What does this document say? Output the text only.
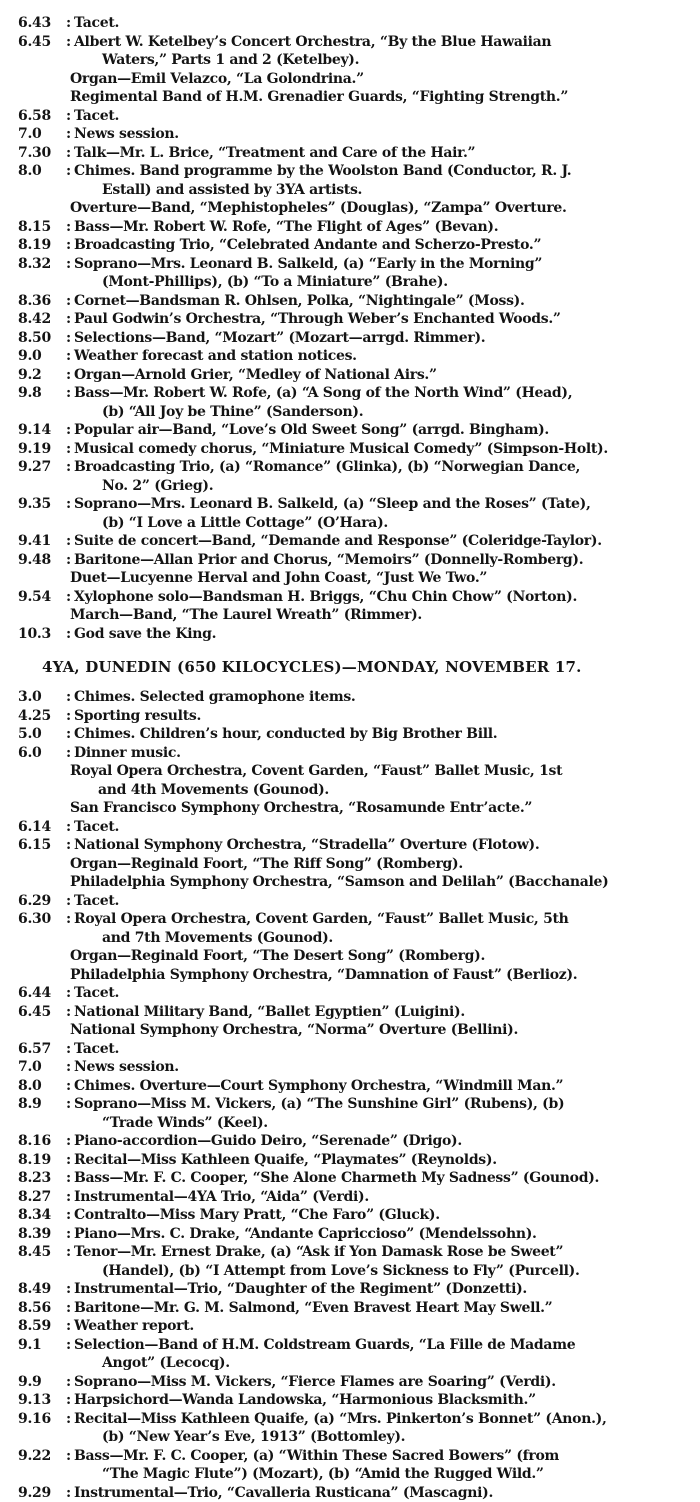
6.43	: Tacet.
6.45	: Albert W. Ketelbey’s Concert Orchestra, “By the Blue Hawaiian
Waters,” Parts 1 and 2 (Ketelbey).
Organ—Emil Velazco, “La Golondrina.”
Regimental Band of H.M. Grenadier Guards, “Fighting Strength.”
6.58	: Tacet.
7.0	: News session.
7.30	: Talk—Mr. L. Brice, “Treatment and Care of the Hair.”
8.0	: Chimes. Band programme by the Woolston Band (Conductor, R. J.
Estall) and assisted by 3YA artists.
Overture—Band, “Mephistopheles” (Douglas), “Zampa” Overture.
8.15	: Bass—Mr. Robert W. Rofe, “The Flight of Ages” (Bevan).
8.19	: Broadcasting Trio, “Celebrated Andante and Scherzo-Presto.”
8.32	: Soprano—Mrs. Leonard B. Salkeld, (a) “Early in the Morning”
(Mont-Phillips), (b) “To a Miniature” (Brahe).
8.36	: Cornet—Bandsman R. Ohlsen, Polka, “Nightingale” (Moss).
8.42	: Paul Godwin’s Orchestra, “Through Weber’s Enchanted Woods.”
8.50	: Selections—Band, “Mozart” (Mozart—arrgd. Rimmer).
9.0	: Weather forecast and station notices.
9.2	: Organ—Arnold Grier, “Medley of National Airs.”
9.8	: Bass—Mr. Robert W. Rofe, (a) “A Song of the North Wind” (Head),
(b) “All Joy be Thine” (Sanderson).
9.14	: Popular air—Band, “Love’s Old Sweet Song” (arrgd. Bingham).
9.19	: Musical comedy chorus, “Miniature Musical Comedy” (Simpson-Holt).
9.27	: Broadcasting Trio, (a) “Romance” (Glinka), (b) “Norwegian Dance,
No. 2” (Grieg).
9.35	: Soprano—Mrs. Leonard B. Salkeld, (a) “Sleep and the Roses” (Tate),
(b) “I Love a Little Cottage” (O’Hara).
9.41	: Suite de concert—Band, “Demande and Response” (Coleridge-Taylor).
9.48	: Baritone—Allan Prior and Chorus, “Memoirs” (Donnelly-Romberg).
Duet—Lucyenne Herval and John Coast, “Just We Two.”
9.54	: Xylophone solo—Bandsman H. Briggs, “Chu Chin Chow” (Norton).
March—Band, “The Laurel Wreath” (Rimmer).
10.3	: God save the King.
4YA, DUNEDIN (650 KILOCYCLES)—MONDAY, NOVEMBER 17.
3.0	: Chimes. Selected gramophone items.
4.25	: Sporting results.
5.0	: Chimes. Children’s hour, conducted by Big Brother Bill.
6.0	: Dinner music.
Royal Opera Orchestra, Covent Garden, “Faust” Ballet Music, 1st
and 4th Movements (Gounod).
San Francisco Symphony Orchestra, “Rosamunde Entr’acte.”
6.14	: Tacet.
6.15	: National Symphony Orchestra, “Stradella” Overture (Flotow).
Organ—Reginald Foort, “The Riff Song” (Romberg).
Philadelphia Symphony Orchestra, “Samson and Delilah” (Bacchanale)
6.29	: Tacet.
6.30	: Royal Opera Orchestra, Covent Garden, “Faust” Ballet Music, 5th
and 7th Movements (Gounod).
Organ—Reginald Foort, “The Desert Song” (Romberg).
Philadelphia Symphony Orchestra, “Damnation of Faust” (Berlioz).
6.44	: Tacet.
6.45	: National Military Band, “Ballet Egyptien” (Luigini).
National Symphony Orchestra, “Norma” Overture (Bellini).
6.57	: Tacet.
7.0	: News session.
8.0	: Chimes. Overture—Court Symphony Orchestra, “Windmill Man.”
8.9	: Soprano—Miss M. Vickers, (a) “The Sunshine Girl” (Rubens), (b)
“Trade Winds” (Keel).
8.16	: Piano-accordion—Guido Deiro, “Serenade” (Drigo).
8.19	: Recital—Miss Kathleen Quaife, “Playmates” (Reynolds).
8.23	: Bass—Mr. F. C. Cooper, “She Alone Charmeth My Sadness” (Gounod).
8.27	: Instrumental—4YA Trio, “Aida” (Verdi).
8.34	: Contralto—Miss Mary Pratt, “Che Faro” (Gluck).
8.39	: Piano—Mrs. C. Drake, “Andante Capriccioso” (Mendelssohn).
8.45	: Tenor—Mr. Ernest Drake, (a) “Ask if Yon Damask Rose be Sweet”
(Handel), (b) “I Attempt from Love’s Sickness to Fly” (Purcell).
8.49	: Instrumental—Trio, “Daughter of the Regiment” (Donzetti).
8.56	: Baritone—Mr. G. M. Salmond, “Even Bravest Heart May Swell.”
8.59	: Weather report.
9.1	: Selection—Band of H.M. Coldstream Guards, “La Fille de Madame
Angot” (Lecocq).
9.9	: Soprano—Miss M. Vickers, “Fierce Flames are Soaring” (Verdi).
9.13	: Harpsichord—Wanda Landowska, “Harmonious Blacksmith.”
9.16	: Recital—Miss Kathleen Quaife, (a) “Mrs. Pinkerton’s Bonnet” (Anon.),
(b) “New Year’s Eve, 1913” (Bottomley).
9.22	: Bass—Mr. F. C. Cooper, (a) “Within These Sacred Bowers” (from
“The Magic Flute”) (Mozart), (b) “Amid the Rugged Wild.”
9.29	: Instrumental—Trio, “Cavalleria Rusticana” (Mascagni).
